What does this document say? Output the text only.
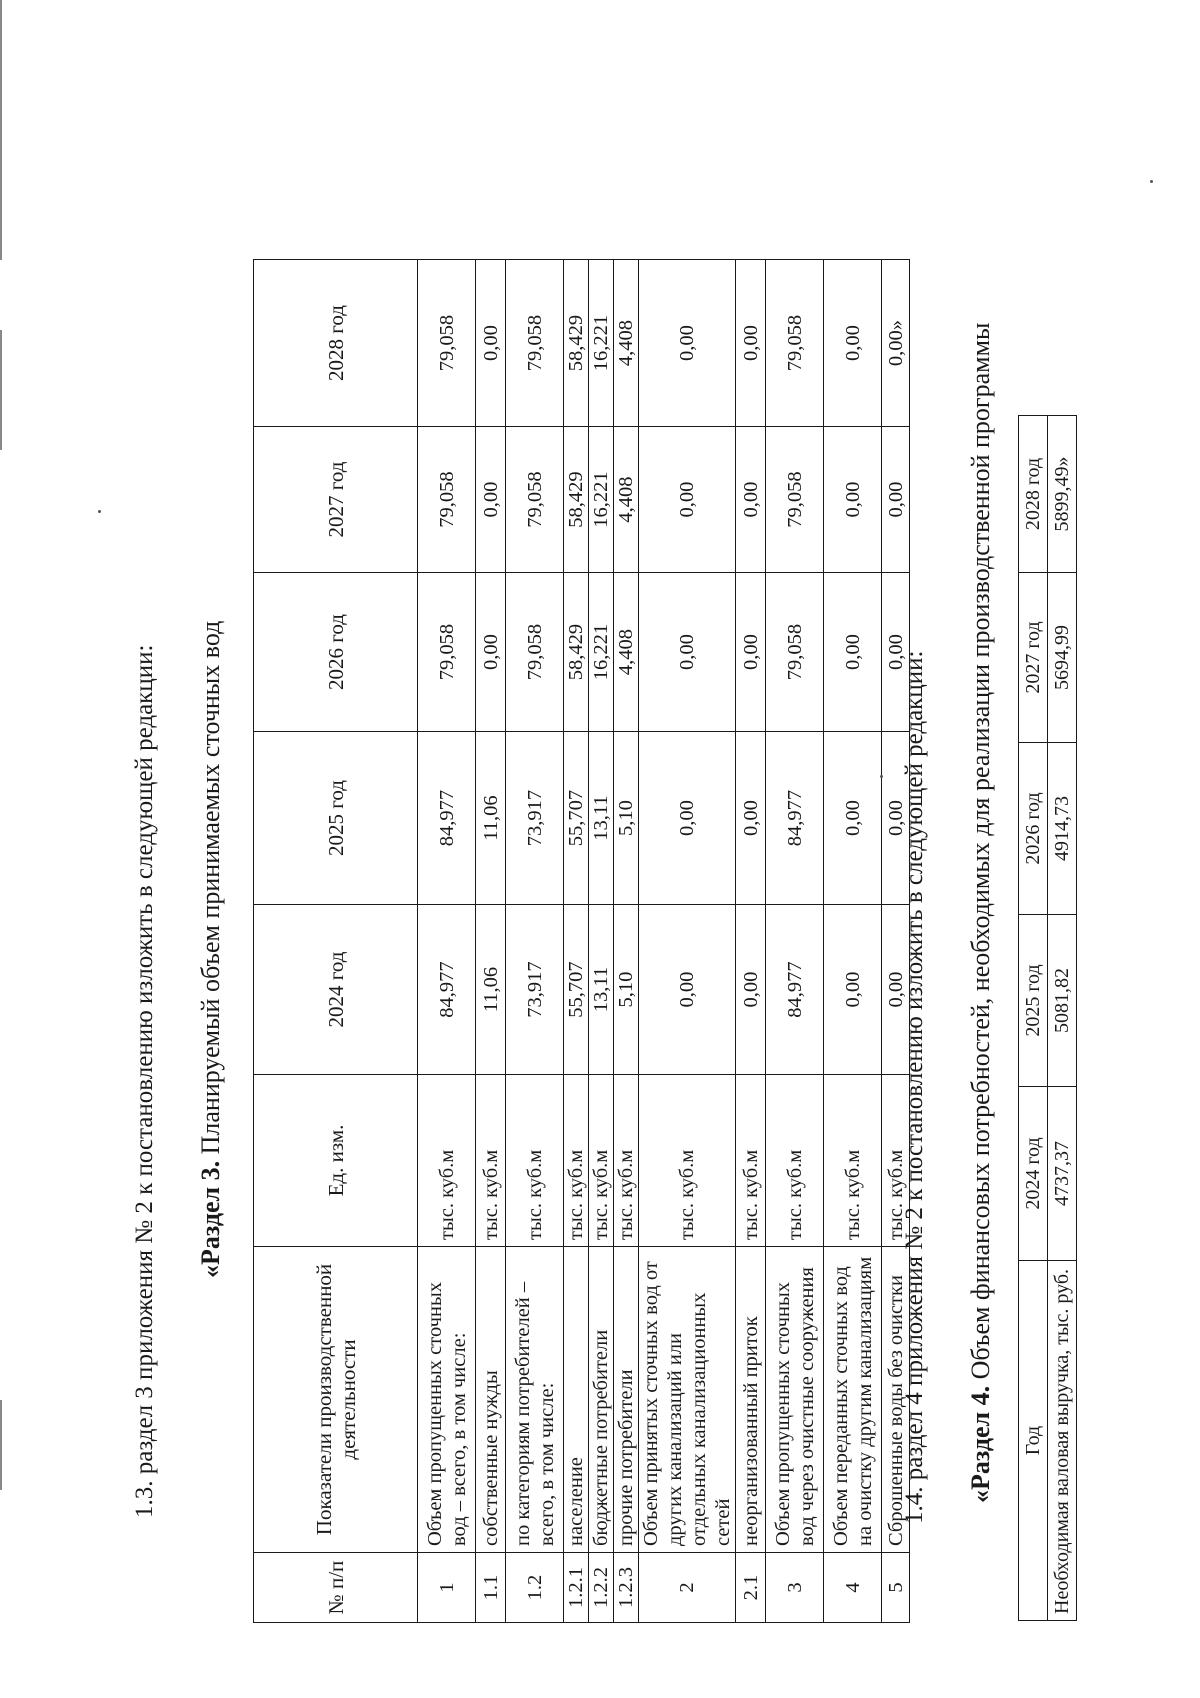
1.3. раздел 3 приложения № 2 к постановлению изложить в следующей редакции: «Раздел 3. Планируемый объем принимаемых сточных вод
№ п/п	Показатели производственной деятельности	Ед. изм.	2024 год	2025 год	2026 год	2027 год	2028 год
1	Объем пропущенных сточных вод – всего, в том числе:	тыс. куб.м	84,977	84,977	79,058	79,058	79,058
1.1	собственные нужды	тыс. куб.м	11,06	11,06	0,00	0,00	0,00
1.2	по категориям потребителей – всего, в том числе:	тыс. куб.м	73,917	73,917	79,058	79,058	79,058
1.2.1	население	тыс. куб.м	55,707	55,707	58,429	58,429	58,429
1.2.2	бюджетные потребители	тыс. куб.м	13,11	13,11	16,221	16,221	16,221
1.2.3	прочие потребители	тыс. куб.м	5,10	5,10	4,408	4,408	4,408
2	Объем принятых сточных вод от других канализаций или отдельных канализационных сетей	тыс. куб.м	0,00	0,00	0,00	0,00	0,00
2.1	неорганизованный приток	тыс. куб.м	0,00	0,00	0,00	0,00	0,00
3	Объем пропущенных сточных вод через очистные сооружения	тыс. куб.м	84,977	84,977	79,058	79,058	79,058
4	Объем переданных сточных вод на очистку другим канализациям	тыс. куб.м	0,00	0,00	0,00	0,00	0,00
5	Сброшенные воды без очистки	тыс. куб.м	0,00	0,00	0,00	0,00	0,00»
1.4. раздел 4 приложения № 2 к постановлению изложить в следующей редакции: «Раздел 4. Объем финансовых потребностей, необходимых для реализации производственной программы
Год	2024 год	2025 год	2026 год	2027 год	2028 год
Необходимая валовая выручка, тыс. руб.	4737,37	5081,82	4914,73	5694,99	5899,49»
